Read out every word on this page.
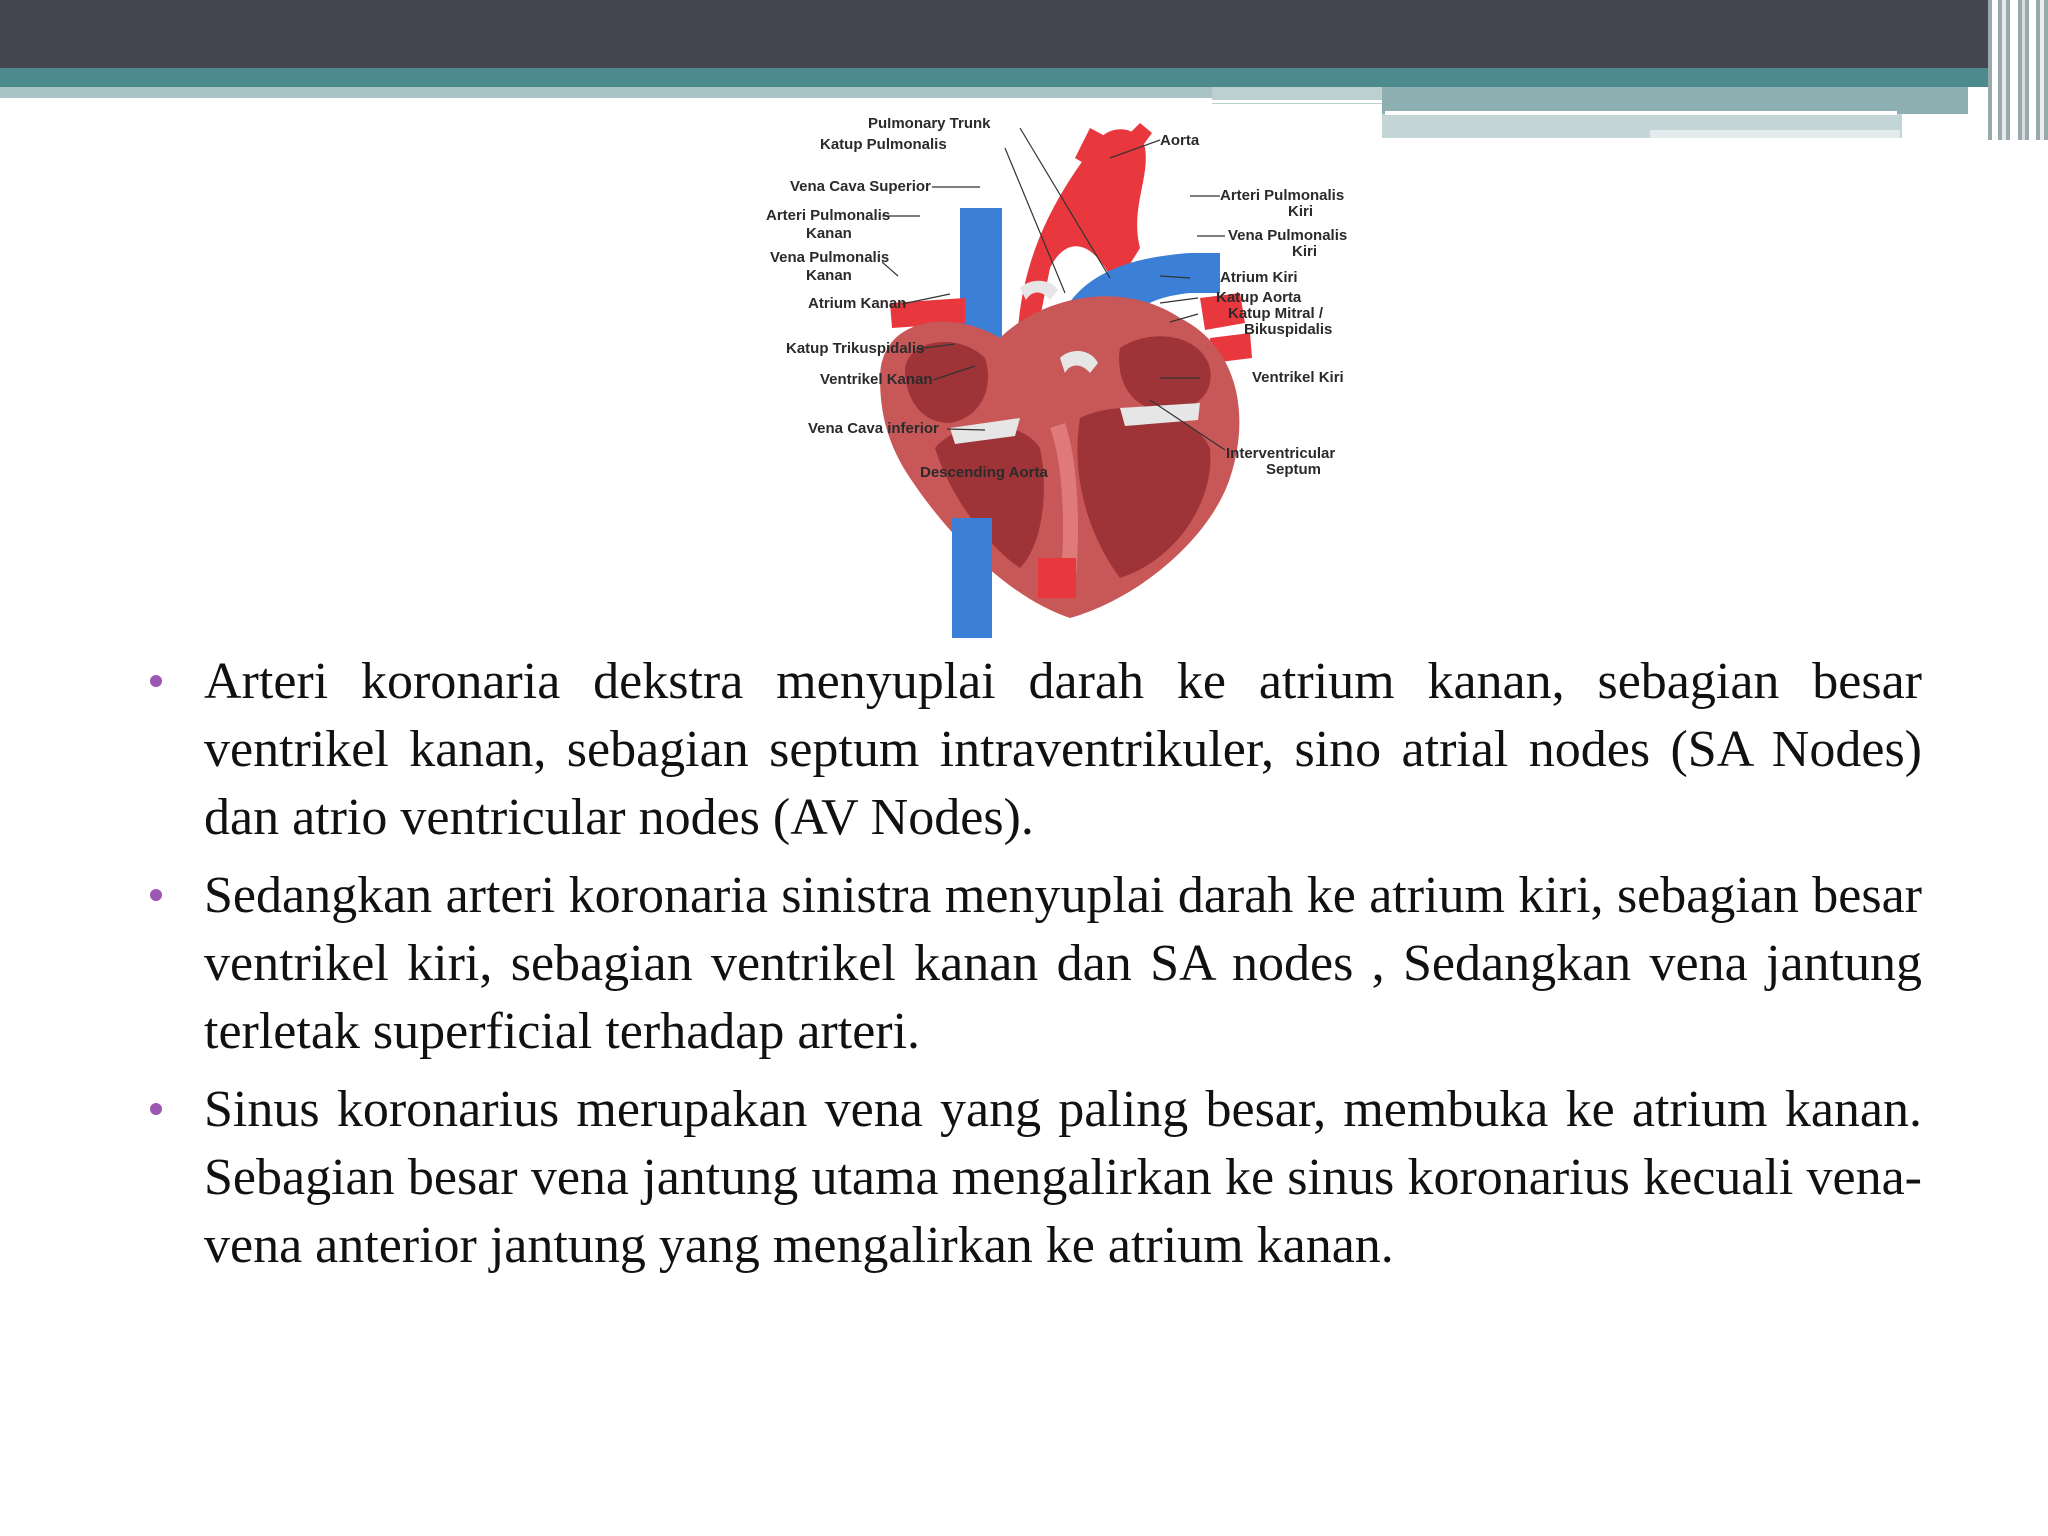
Pulmonary Trunk
Katup Pulmonalis	Aorta
Vena Cava Superior
Arteri Pulmonalis
Kanan
Vena Pulmonalis
Kanan
Atrium Kanan
Katup Trikuspidalis
Ventrikel Kanan
Vena Cava inferior
Descending Aorta
Arteri Pulmonalis
Kiri
Vena Pulmonalis
Kiri
Atrium Kiri
Katup Aorta
Katup Mitral /
Bikuspidalis
Ventrikel Kiri
Interventricular
Septum
Arteri koronaria dekstra menyuplai darah ke atrium kanan, sebagian besar ventrikel kanan, sebagian septum intraventrikuler, sino atrial nodes (SA Nodes) dan atrio ventricular nodes (AV Nodes).
Sedangkan arteri koronaria sinistra menyuplai darah ke atrium kiri, sebagian besar ventrikel kiri, sebagian ventrikel kanan dan SA nodes , Sedangkan vena jantung terletak superficial terhadap arteri.
Sinus koronarius merupakan vena yang paling besar, membuka ke atrium kanan. Sebagian besar vena jantung utama mengalirkan ke sinus koronarius kecuali vena-vena anterior jantung yang mengalirkan ke atrium kanan.
